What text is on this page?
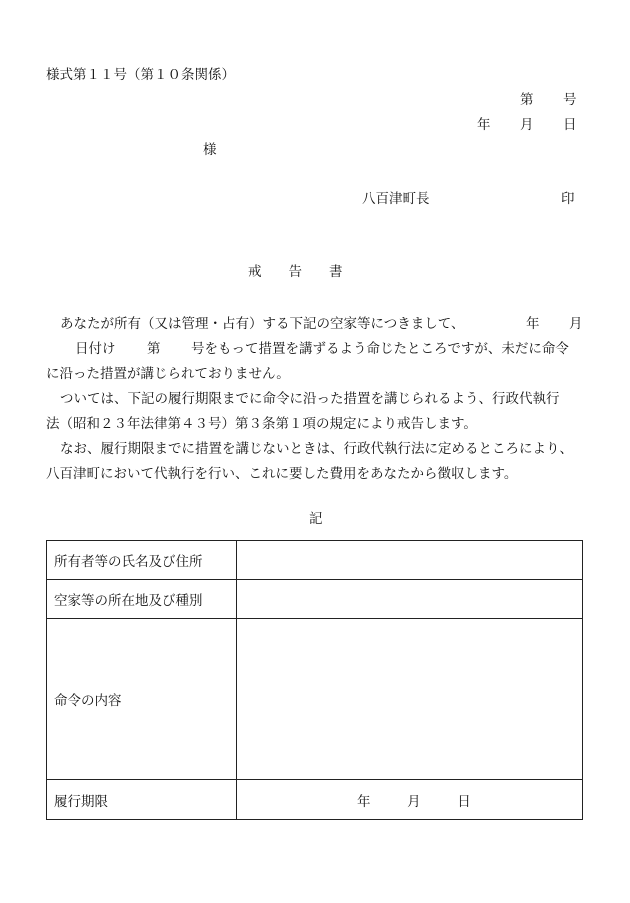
様式第１１号（第１０条関係）
第 号
年 月 日
様
八百津町長	印
戒　　告　　書
あなたが所有（又は管理・占有）する下記の空家等につきまして、	年 月
日付け 第 号をもって措置を講ずるよう命じたところですが、未だに命令
に沿った措置が講じられておりません。
ついては、下記の履行期限までに命令に沿った措置を講じられるよう、行政代執行
法（昭和２３年法律第４３号）第３条第１項の規定により戒告します。
なお、履行期限までに措置を講じないときは、行政代執行法に定めるところにより、
八百津町において代執行を行い、これに要した費用をあなたから徴収します。
記
所有者等の氏名及び住所	
空家等の所在地及び種別	
命令の内容	
履行期限	年 月 日
